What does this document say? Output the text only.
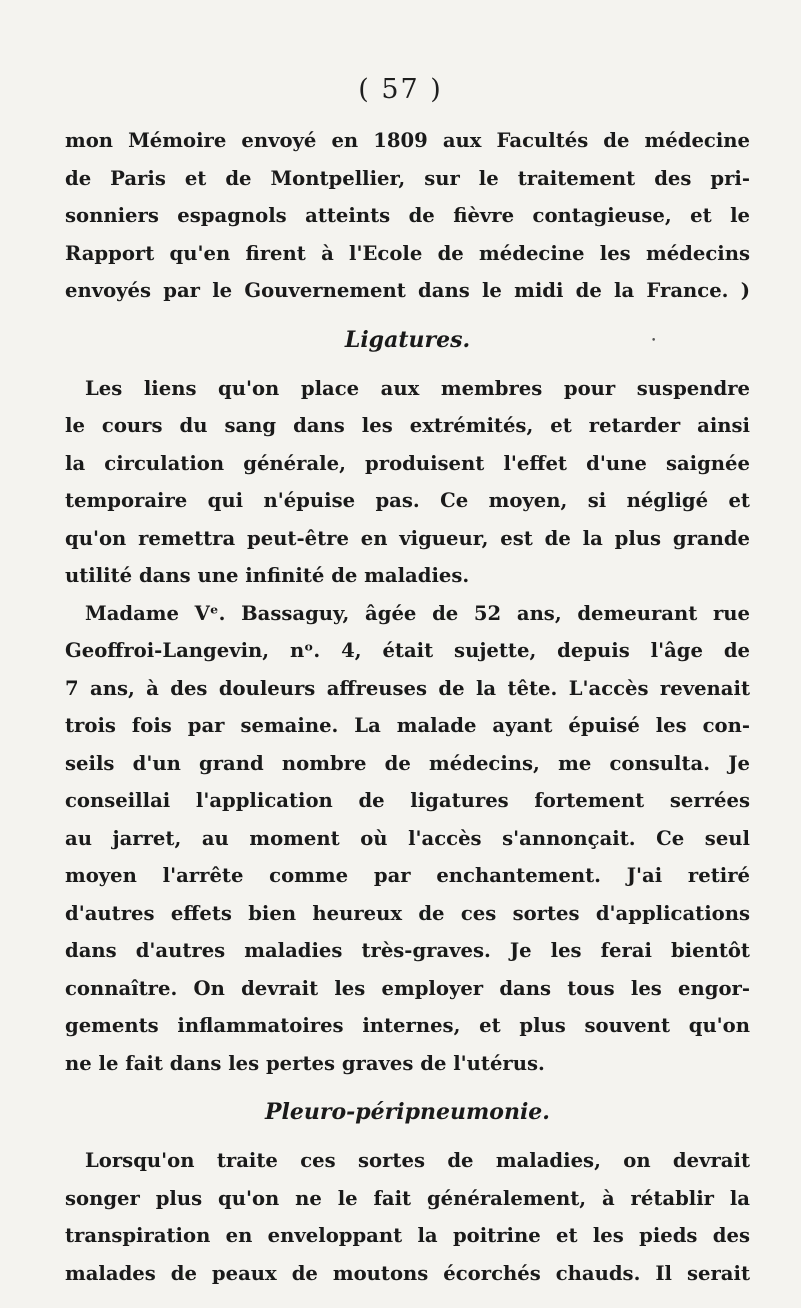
( 57 )
mon Mémoire envoyé en 1809 aux Facultés de médecine
de Paris et de Montpellier, sur le traitement des pri-
sonniers espagnols atteints de fièvre contagieuse, et le
Rapport qu'en firent à l'Ecole de médecine les médecins
envoyés par le Gouvernement dans le midi de la France. )
Ligatures.
Les liens qu'on place aux membres pour suspendre
le cours du sang dans les extrémités, et retarder ainsi
la circulation générale, produisent l'effet d'une saignée
temporaire qui n'épuise pas. Ce moyen, si négligé et
qu'on remettra peut-être en vigueur, est de la plus grande
utilité dans une infinité de maladies.
Madame Vᵉ. Bassaguy, âgée de 52 ans, demeurant rue
Geoffroi-Langevin, nᵒ. 4, était sujette, depuis l'âge de
7 ans, à des douleurs affreuses de la tête. L'accès revenait
trois fois par semaine. La malade ayant épuisé les con-
seils d'un grand nombre de médecins, me consulta. Je
conseillai l'application de ligatures fortement serrées
au jarret, au moment où l'accès s'annonçait. Ce seul
moyen l'arrête comme par enchantement. J'ai retiré
d'autres effets bien heureux de ces sortes d'applications
dans d'autres maladies très-graves. Je les ferai bientôt
connaître. On devrait les employer dans tous les engor-
gements inflammatoires internes, et plus souvent qu'on
ne le fait dans les pertes graves de l'utérus.
Pleuro-péripneumonie.
Lorsqu'on traite ces sortes de maladies, on devrait
songer plus qu'on ne le fait généralement, à rétablir la
transpiration en enveloppant la poitrine et les pieds des
malades de peaux de moutons écorchés chauds. Il serait
•
